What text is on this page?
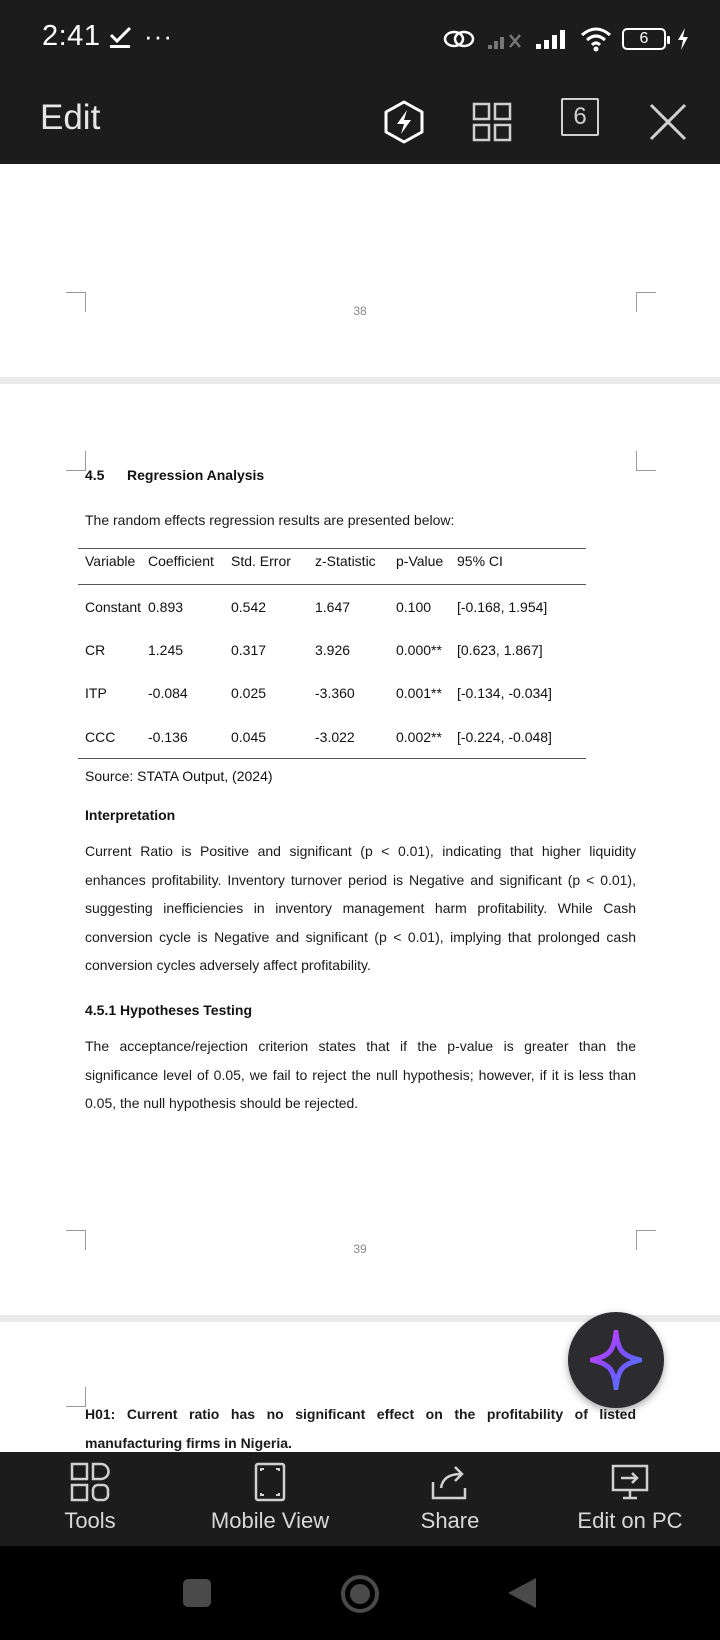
2:41 ···	6
Edit	6
38
4.5 Regression Analysis
The random effects regression results are presented below:
Variable	Coefficient	Std. Error	z-Statistic	p-Value	95% CI
Constant	0.893	0.542	1.647	0.100	[-0.168, 1.954]
CR	1.245	0.317	3.926	0.000**	[0.623, 1.867]
ITP	-0.084	0.025	-3.360	0.001**	[-0.134, -0.034]
CCC	-0.136	0.045	-3.022	0.002**	[-0.224, -0.048]
Source: STATA Output, (2024)
Interpretation
Current Ratio is Positive and significant (p < 0.01), indicating that higher liquidity enhances profitability. Inventory turnover period is Negative and significant (p < 0.01), suggesting inefficiencies in inventory management harm profitability. While Cash conversion cycle is Negative and significant (p < 0.01), implying that prolonged cash conversion cycles adversely affect profitability.
4.5.1 Hypotheses Testing
The acceptance/rejection criterion states that if the p-value is greater than the significance level of 0.05, we fail to reject the null hypothesis; however, if it is less than 0.05, the null hypothesis should be rejected.
39
H01: Current ratio has no significant effect on the profitability of listed manufacturing firms in Nigeria.
Tools	Mobile View	Share	Edit on PC
